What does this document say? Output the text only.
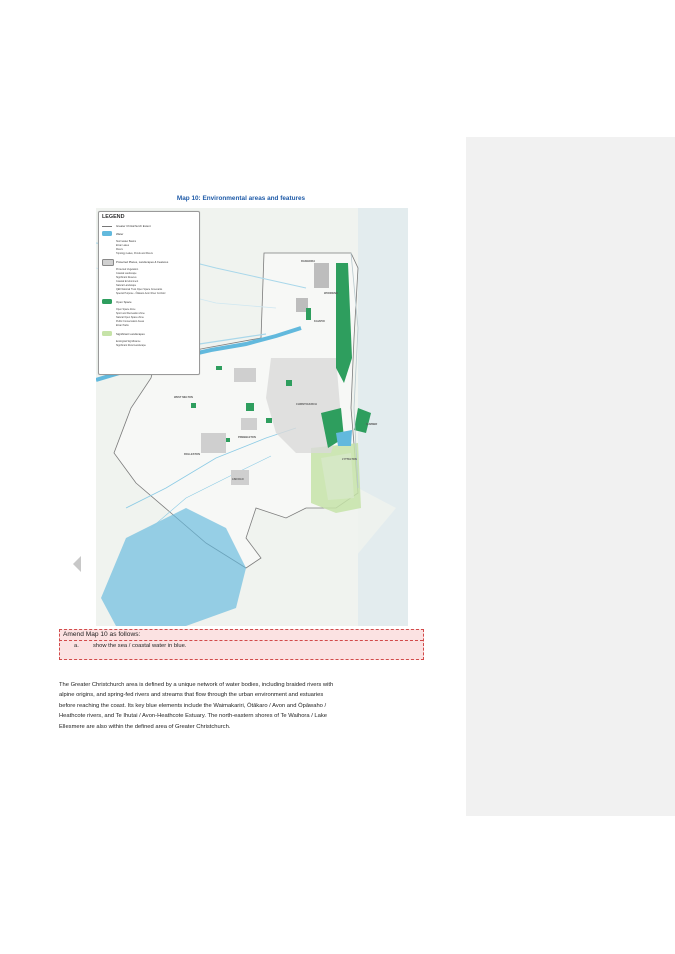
Map 10: Environmental areas and features
LEGEND
Greater Christchurch Extent
Water
Stormwater Basins
ECan Lakes
Rivers
Topology Lakes, Ponds and Rivers
Protected Places, Landscapes & Features
Protected Vegetation
Coastal Landscape
Significant Reserve
Coastal Environment
Natural Landscape
QEII National Trust Open Space Covenants
Special Purpose - Ōtākaro Avon River Corridor
Open Space
Open Space Zone
Sport and Recreation Zone
Natural Open Space Zone
Public Conservation Areas
ECan Parks
Significant Landscapes
Ecological Significance
Significant Rural Landscape
RANGIORA
WOODEND
KAIAPOI
WEST MELTON
ROLLESTON
PREBBLETON
LINCOLN
LYTTELTON
SUMNER
CHRISTCHURCH
Amend Map 10 as follows:
a. show the sea / coastal water in blue.
The Greater Christchurch area is defined by a unique network of water bodies, including braided rivers with
alpine origins, and spring-fed rivers and streams that flow through the urban environment and estuaries
before reaching the coast. Its key blue elements include the Waimakariri, Ōtākaro / Avon and Ōpāwaho /
Heathcote rivers, and Te Ihutai / Avon-Heathcote Estuary. The north-eastern shores of Te Waihora / Lake
Ellesmere are also within the defined area of Greater Christchurch.
